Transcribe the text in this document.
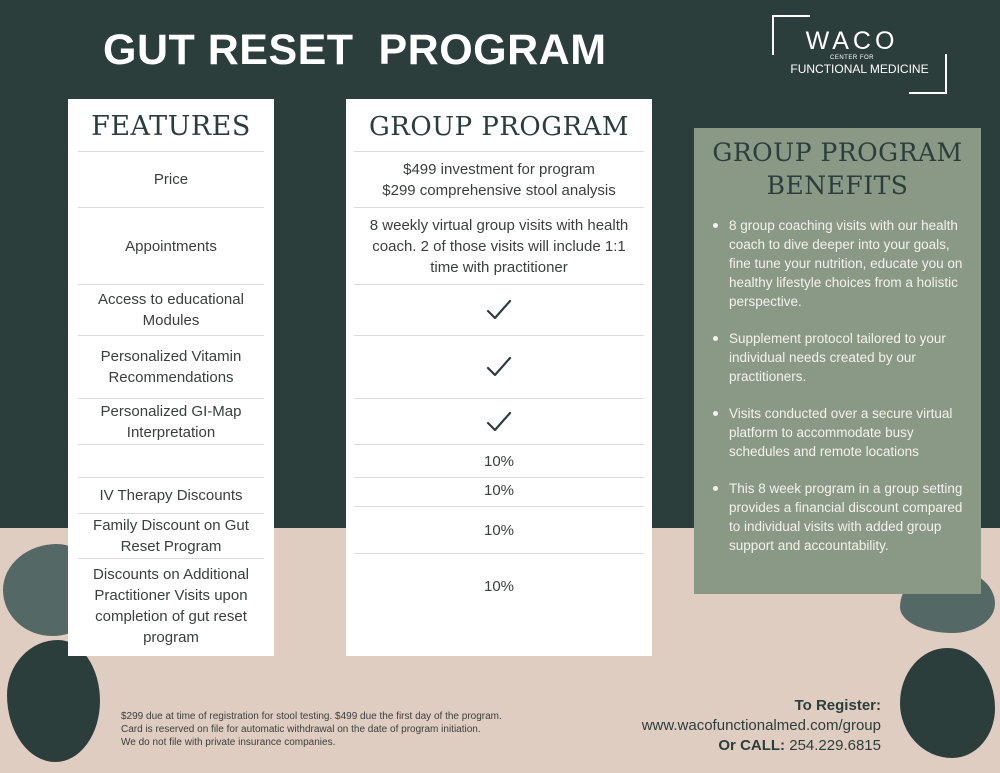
GUT RESET  PROGRAM	WACO
CENTER FOR
FUNCTIONAL MEDICINE
FEATURES
Price
Appointments
Access to educational Modules
Personalized Vitamin Recommendations
Personalized GI-Map Interpretation
IV Therapy Discounts
Family Discount on Gut Reset Program
Discounts on Additional Practitioner Visits upon completion of gut reset program
GROUP PROGRAM
$499 investment for program
$299 comprehensive stool analysis
8 weekly virtual group visits with health coach. 2 of those visits will include 1:1 time with practitioner
10%
10%
10%
10%
GROUP PROGRAM
BENEFITS
8 group coaching visits with our health coach to dive deeper into your goals, fine tune your nutrition, educate you on healthy lifestyle choices from a holistic perspective.
Supplement protocol tailored to your individual needs created by our practitioners.
Visits conducted over a secure virtual platform to accommodate busy schedules and remote locations
This 8 week program in a group setting provides a financial discount compared to individual visits with added group support and accountability.
$299 due at time of registration for stool testing. $499 due the first day of the program.
Card is reserved on file for automatic withdrawal on the date of program initiation.
We do not file with private insurance companies.
To Register:
www.wacofunctionalmed.com/group
Or CALL: 254.229.6815
